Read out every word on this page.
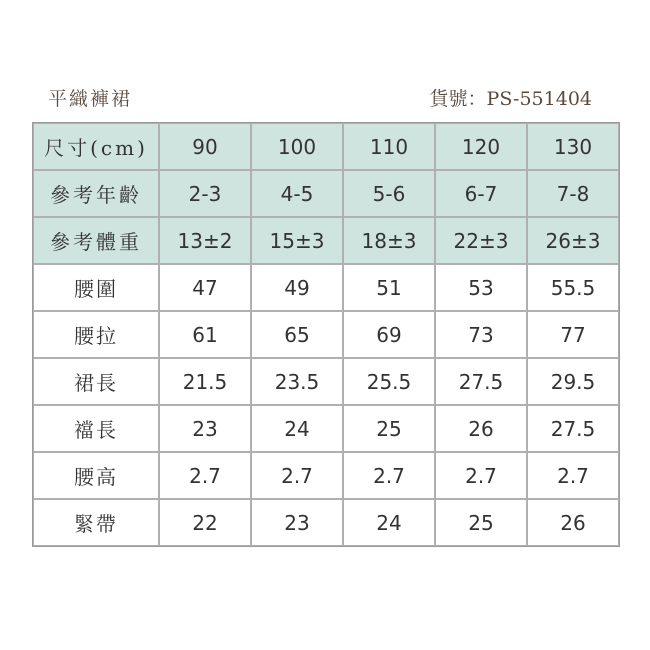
平織褲裙	貨號：PS-551404
尺寸(cm)	90	100	110	120	130
參考年齡	2-3	4-5	5-6	6-7	7-8
參考體重	13±2	15±3	18±3	22±3	26±3
腰圍	47	49	51	53	55.5
腰拉	61	65	69	73	77
裙長	21.5	23.5	25.5	27.5	29.5
襠長	23	24	25	26	27.5
腰高	2.7	2.7	2.7	2.7	2.7
緊帶	22	23	24	25	26
